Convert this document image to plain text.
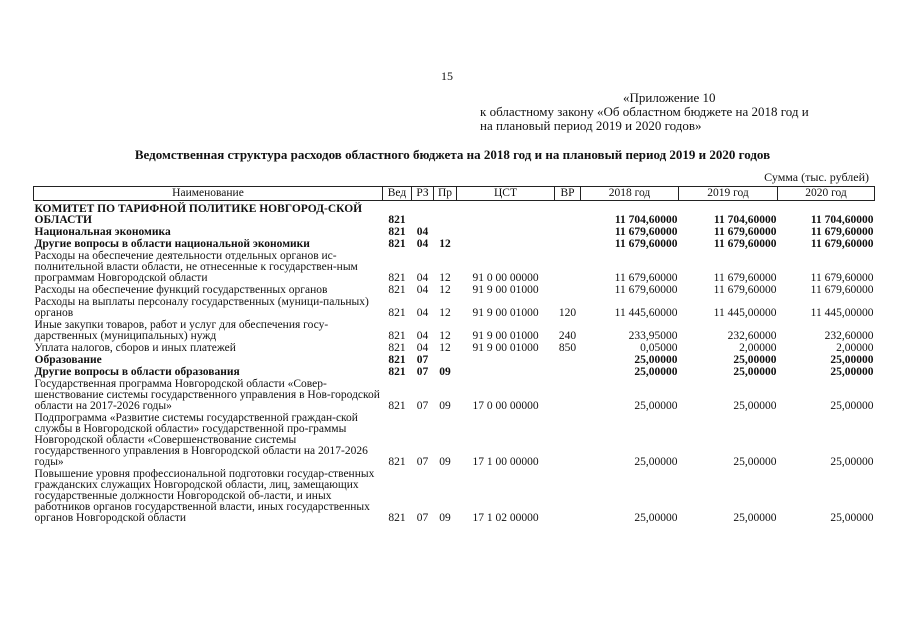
15
«Приложение 10
к областному закону «Об областном бюджете на 2018 год и
на плановый период 2019 и 2020 годов»
Ведомственная структура расходов областного бюджета на 2018 год и на плановый период 2019 и 2020 годов
Сумма (тыс. рублей)
Наименование	Вед	РЗ	Пр	ЦСТ	ВР	2018 год	2019 год	2020 год
КОМИТЕТ ПО ТАРИФНОЙ ПОЛИТИКЕ НОВГОРОД-СКОЙ ОБЛАСТИ	821					11 704,60000	11 704,60000	11 704,60000
Национальная экономика	821	04				11 679,60000	11 679,60000	11 679,60000
Другие вопросы в области национальной экономики	821	04	12			11 679,60000	11 679,60000	11 679,60000
Расходы на обеспечение деятельности отдельных органов ис-полнительной власти области, не отнесенные к государствен-ным программам Новгородской области	821	04	12	91 0 00 00000		11 679,60000	11 679,60000	11 679,60000
Расходы на обеспечение функций государственных органов	821	04	12	91 9 00 01000		11 679,60000	11 679,60000	11 679,60000
Расходы на выплаты персоналу государственных (муници-пальных) органов	821	04	12	91 9 00 01000	120	11 445,60000	11 445,00000	11 445,00000
Иные закупки товаров, работ и услуг для обеспечения госу-дарственных (муниципальных) нужд	821	04	12	91 9 00 01000	240	233,95000	232,60000	232,60000
Уплата налогов, сборов и иных платежей	821	04	12	91 9 00 01000	850	0,05000	2,00000	2,00000
Образование	821	07				25,00000	25,00000	25,00000
Другие вопросы в области образования	821	07	09			25,00000	25,00000	25,00000
Государственная программа Новгородской области «Совер-шенствование системы государственного управления в Нов-городской области на 2017-2026 годы»	821	07	09	17 0 00 00000		25,00000	25,00000	25,00000
Подпрограмма «Развитие системы государственной граждан-ской службы в Новгородской области» государственной про-граммы Новгородской области «Совершенствование системы государственного управления в Новгородской области на 2017-2026 годы»	821	07	09	17 1 00 00000		25,00000	25,00000	25,00000
Повышение уровня профессиональной подготовки государ-ственных гражданских служащих Новгородской области, лиц, замещающих государственные должности Новгородской об-ласти, и иных работников органов государственной власти, иных государственных органов Новгородской области	821	07	09	17 1 02 00000		25,00000	25,00000	25,00000
